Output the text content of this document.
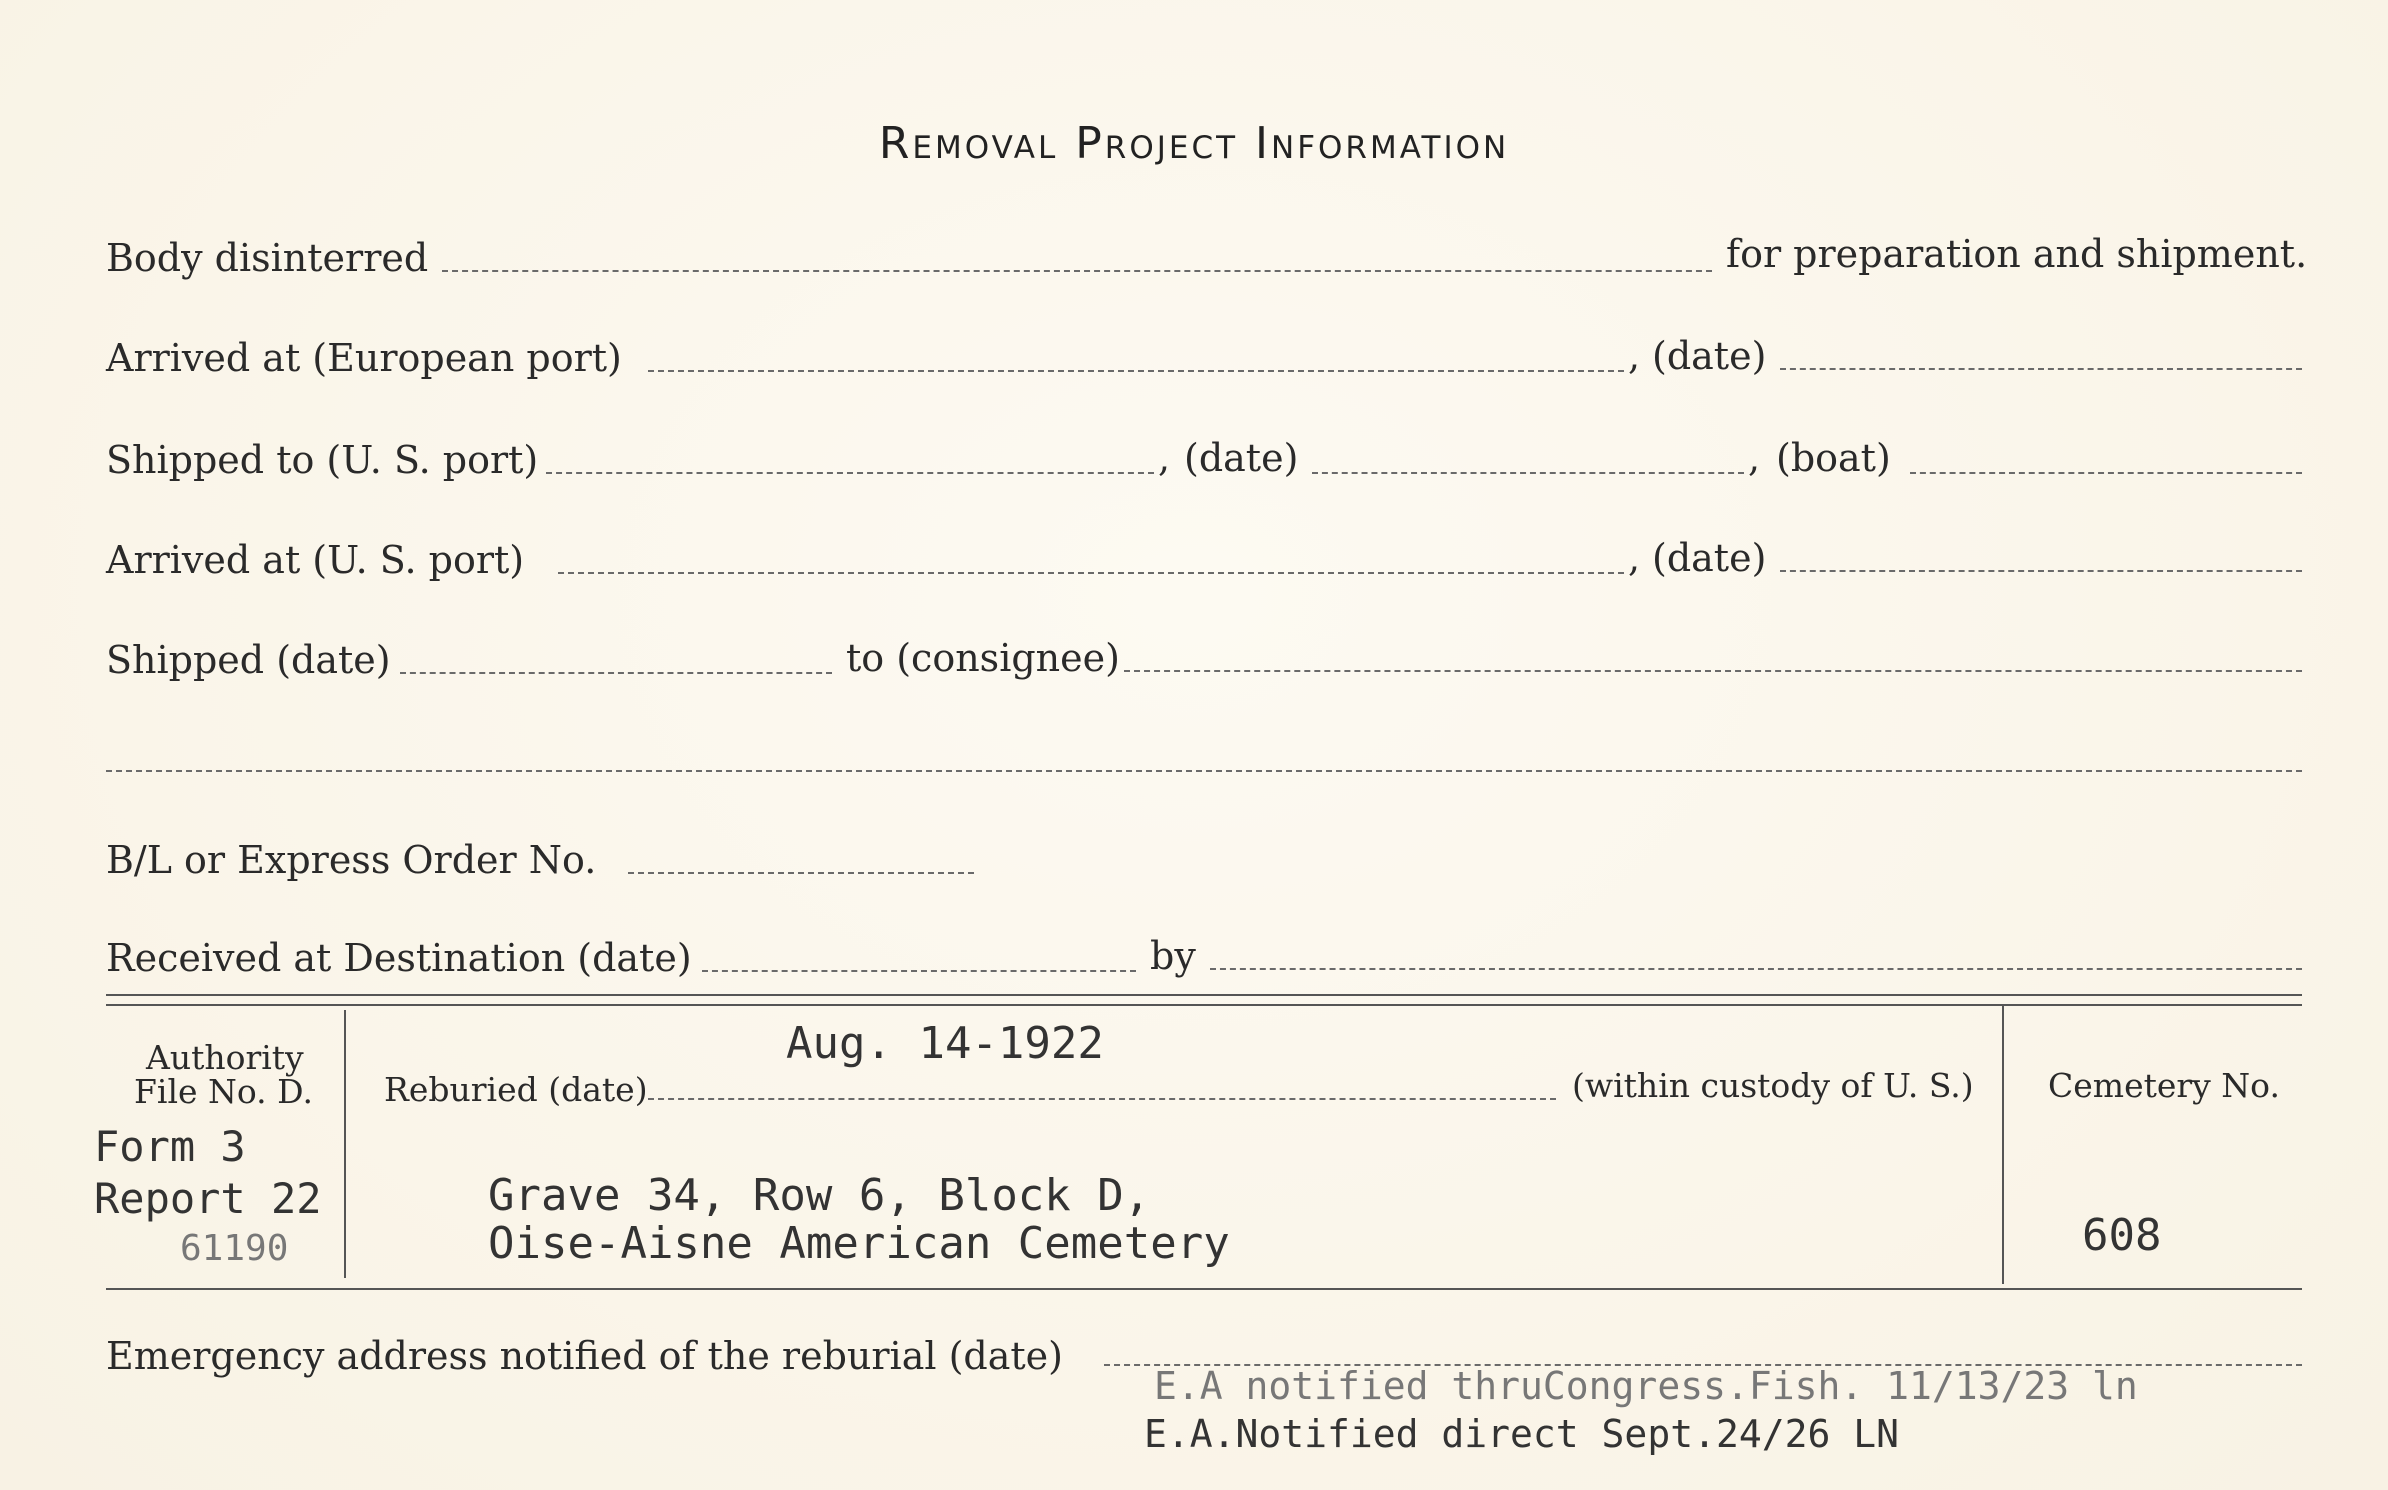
Removal Project Information
Body disinterred	for preparation and shipment.
Arrived at (European port)	, (date)
Shipped to (U. S. port)	, (date)	, (boat)
Arrived at (U. S. port)	, (date)
Shipped (date)	to (consignee)
B/L or Express Order No.
Received at Destination (date)	by
Authority
File No. D.
Aug. 14-1922
Reburied (date)	(within custody of U. S.) Cemetery No.
Form 3
Report 22
61190
Grave 34, Row 6, Block D,
Oise-Aisne American Cemetery	608
Emergency address notified of the reburial (date)
E.A notified thruCongress.Fish. 11/13/23 ln
E.A.Notified direct Sept.24/26 LN
